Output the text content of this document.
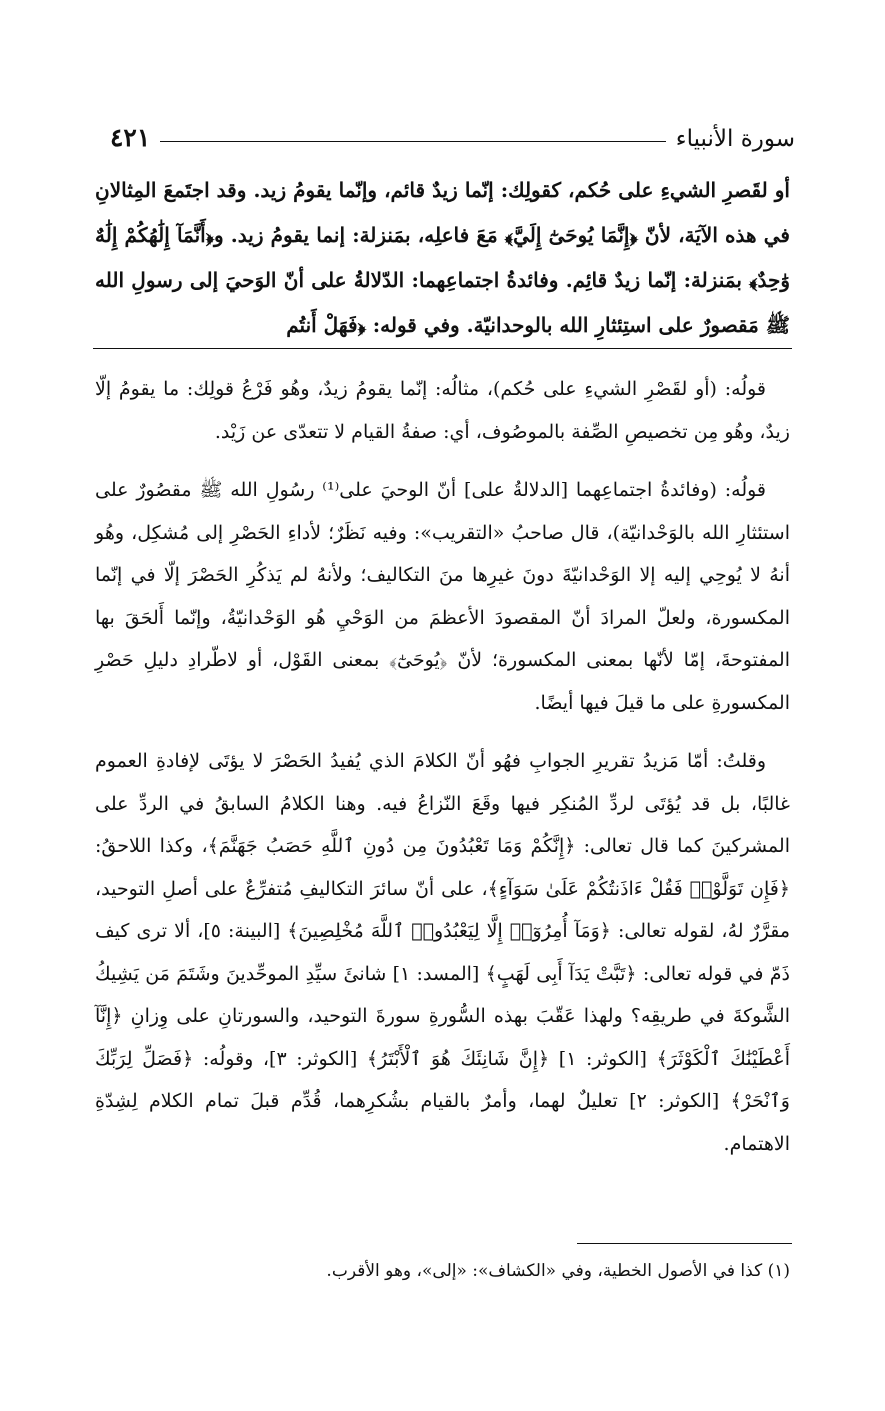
سورة الأنبياء
٤٢١

أو لقَصرِ الشيءِ على حُكم، كقولِك: إنّما زيدٌ قائم، وإنّما يقومُ زيد. وقد اجتَمعَ المِثالانِ في هذه الآيَة، لأنّ ﴿إِنَّمَا يُوحَىٰٓ إِلَيَّ﴾ مَعَ فاعلِه، بمَنزلة: إنما يقومُ زيد. و﴿أَنَّمَآ إِلَٰهُكُمْ إِلَٰهٌ وَٰحِدٌ﴾ بمَنزلة: إنّما زيدٌ قائِم. وفائدةُ اجتماعِهما: الدّلالةُ على أنّ الوَحيَ إلى رسولِ الله ﷺ مَقصورٌ على استِئثارِ الله بالوحدانيّة. وفي قوله: ﴿فَهَلْ أَنتُم

قولُه: (أو لقَصْرِ الشيءِ على حُكم)، مثالُه: إنّما يقومُ زيدٌ، وهُو فَرْعُ قولِك: ما يقومُ إلّا زيدٌ، وهُو مِن تخصيصِ الصِّفة بالموصُوف، أي: صفةُ القيام لا تتعدّى عن زَيْد.

قولُه: (وفائدةُ اجتماعِهما [الدلالةُ على] أنّ الوحيَ على⁽¹⁾ رسُولِ الله ﷺ مقصُورٌ على استئثارِ الله بالوَحْدانيّة)، قال صاحبُ «التقريب»: وفيه نَظَرٌ؛ لأداءِ الحَصْرِ إلى مُشكِل، وهُو أنهُ لا يُوحِي إليه إلا الوَحْدانيّةَ دونَ غيرِها منَ التكاليف؛ ولأنهُ لم يَذكُرِ الحَصْرَ إلّا في إنّما المكسورة، ولعلّ المرادَ أنّ المقصودَ الأعظمَ من الوَحْيِ هُو الوَحْدانيّةُ، وإنّما أَلحَقَ بها المفتوحةَ، إمّا لأنّها بمعنى المكسورة؛ لأنّ ﴿يُوحَىٰٓ﴾ بمعنى القَوْل، أو لاطّرادِ دليلِ حَصْرِ المكسورةِ على ما قيلَ فيها أيضًا.

وقلتُ: أمّا مَزيدُ تقريرِ الجوابِ فهُو أنّ الكلامَ الذي يُفيدُ الحَصْرَ لا يؤتَى لإفادةِ العموم غالبًا، بل قد يُؤتَى لردِّ المُنكِر فيها وقَعَ النّزاعُ فيه. وهنا الكلامُ السابقُ في الردِّ على المشركينَ كما قال تعالى: ﴿إِنَّكُمْ وَمَا تَعْبُدُونَ مِن دُونِ ٱللَّهِ حَصَبُ جَهَنَّمَ﴾، وكذا اللاحقُ: ﴿فَإِن تَوَلَّوْا۟ فَقُلْ ءَاذَنتُكُمْ عَلَىٰ سَوَآءٍ﴾، على أنّ سائرَ التكاليفِ مُتفرِّعٌ على أصلِ التوحيد، مقرَّرٌ لهُ، لقوله تعالى: ﴿وَمَآ أُمِرُوٓا۟ إِلَّا لِيَعْبُدُوا۟ ٱللَّهَ مُخْلِصِينَ﴾ [البينة: ٥]، ألا ترى كيف ذَمّ في قوله تعالى: ﴿تَبَّتْ يَدَآ أَبِى لَهَبٍ﴾ [المسد: ١] شانئَ سيِّدِ الموحِّدينَ وشَتَمَ مَن يَشِيكُ الشَّوكةَ في طريقِه؟ ولهذا عَقّبَ بهذه السُّورةِ سورةَ التوحيد، والسورتانِ على وِزانِ ﴿إِنَّآ أَعْطَيْنَٰكَ ٱلْكَوْثَرَ﴾ [الكوثر: ١] ﴿إِنَّ شَانِئَكَ هُوَ ٱلْأَبْتَرُ﴾ [الكوثر: ٣]، وقولُه: ﴿فَصَلِّ لِرَبِّكَ وَٱنْحَرْ﴾ [الكوثر: ٢] تعليلٌ لهما، وأمرٌ بالقيام بشُكرِهما، قُدِّم قبلَ تمام الكلام لِشِدّةِ الاهتمام.

(١) كذا في الأصول الخطية، وفي «الكشاف»: «إلى»، وهو الأقرب.
